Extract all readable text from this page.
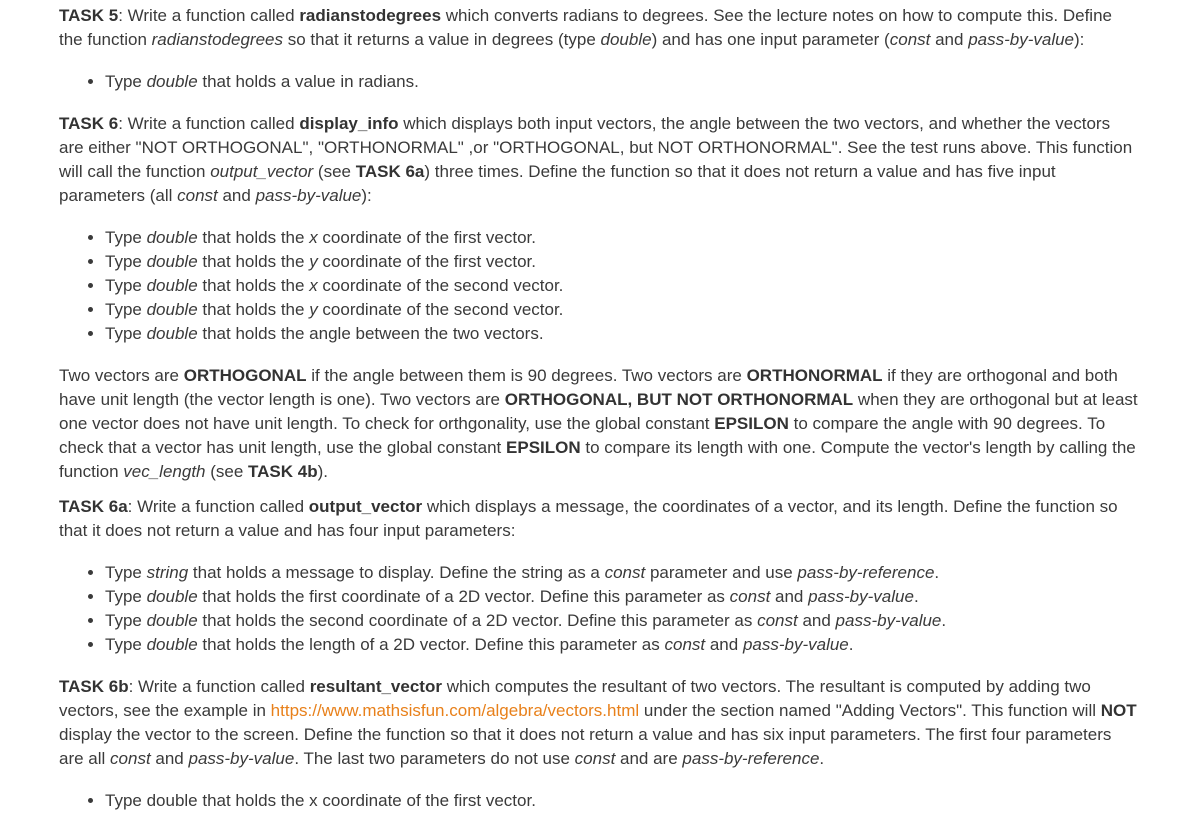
TASK 5: Write a function called radianstodegrees which converts radians to degrees. See the lecture notes on how to compute this. Define the function radianstodegrees so that it returns a value in degrees (type double) and has one input parameter (const and pass-by-value):

• Type double that holds a value in radians.

TASK 6: Write a function called display_info which displays both input vectors, the angle between the two vectors, and whether the vectors are either "NOT ORTHOGONAL", "ORTHONORMAL" ,or "ORTHOGONAL, but NOT ORTHONORMAL". See the test runs above. This function will call the function output_vector (see TASK 6a) three times. Define the function so that it does not return a value and has five input parameters (all const and pass-by-value):

• Type double that holds the x coordinate of the first vector.
• Type double that holds the y coordinate of the first vector.
• Type double that holds the x coordinate of the second vector.
• Type double that holds the y coordinate of the second vector.
• Type double that holds the angle between the two vectors.

Two vectors are ORTHOGONAL if the angle between them is 90 degrees. Two vectors are ORTHONORMAL if they are orthogonal and both have unit length (the vector length is one). Two vectors are ORTHOGONAL, BUT NOT ORTHONORMAL when they are orthogonal but at least one vector does not have unit length. To check for orthgonality, use the global constant EPSILON to compare the angle with 90 degrees. To check that a vector has unit length, use the global constant EPSILON to compare its length with one. Compute the vector's length by calling the function vec_length (see TASK 4b).

TASK 6a: Write a function called output_vector which displays a message, the coordinates of a vector, and its length. Define the function so that it does not return a value and has four input parameters:

• Type string that holds a message to display. Define the string as a const parameter and use pass-by-reference.
• Type double that holds the first coordinate of a 2D vector. Define this parameter as const and pass-by-value.
• Type double that holds the second coordinate of a 2D vector. Define this parameter as const and pass-by-value.
• Type double that holds the length of a 2D vector. Define this parameter as const and pass-by-value.

TASK 6b: Write a function called resultant_vector which computes the resultant of two vectors. The resultant is computed by adding two vectors, see the example in https://www.mathsisfun.com/algebra/vectors.html under the section named "Adding Vectors". This function will NOT display the vector to the screen. Define the function so that it does not return a value and has six input parameters. The first four parameters are all const and pass-by-value. The last two parameters do not use const and are pass-by-reference.

• Type double that holds the x coordinate of the first vector.
